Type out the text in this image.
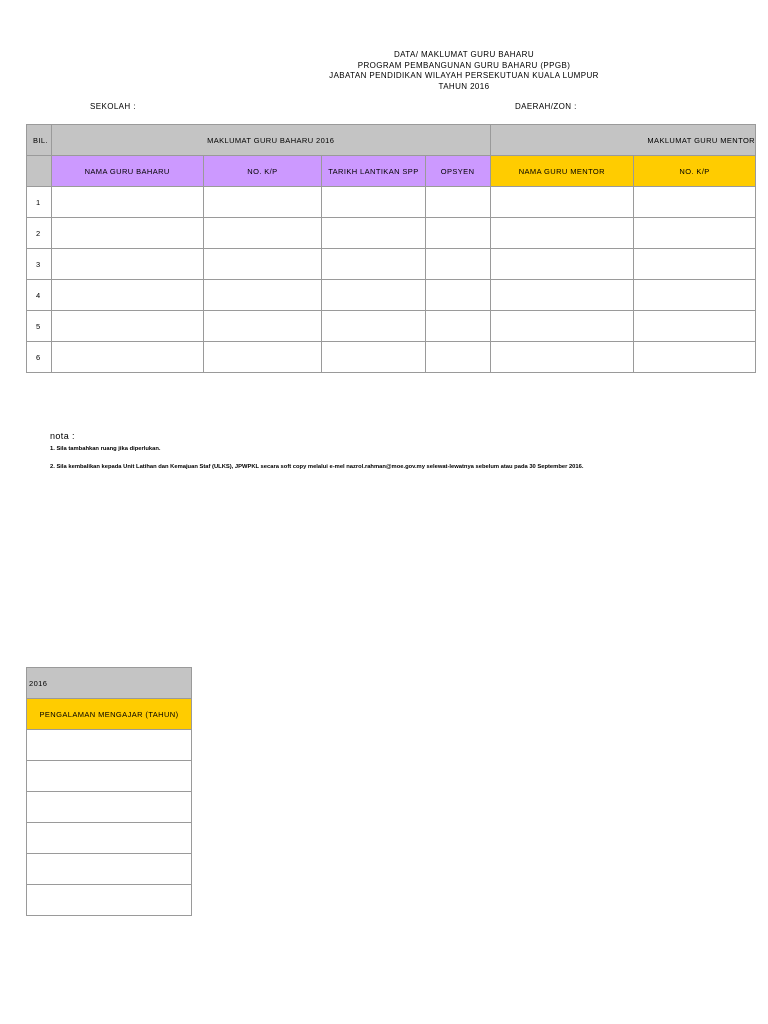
DATA/ MAKLUMAT GURU BAHARU
PROGRAM PEMBANGUNAN GURU BAHARU (PPGB)
JABATAN PENDIDIKAN WILAYAH PERSEKUTUAN KUALA LUMPUR
TAHUN 2016
SEKOLAH :	DAERAH/ZON :
BIL.	MAKLUMAT GURU BAHARU 2016				MAKLUMAT GURU MENTOR	
	NAMA GURU BAHARU	NO. K/P	TARIKH LANTIKAN SPP	OPSYEN	NAMA GURU MENTOR	NO. K/P
1						
2						
3						
4						
5						
6						
nota :
1. Sila tambahkan ruang jika diperlukan.
2. Sila kembalikan kepada Unit Latihan dan Kemajuan Staf (ULKS), JPWPKL secara soft copy melalui e-mel nazrol.rahman@moe.gov.my selewat-lewatnya sebelum atau pada 30 September 2016.
2016
PENGALAMAN MENGAJAR (TAHUN)
